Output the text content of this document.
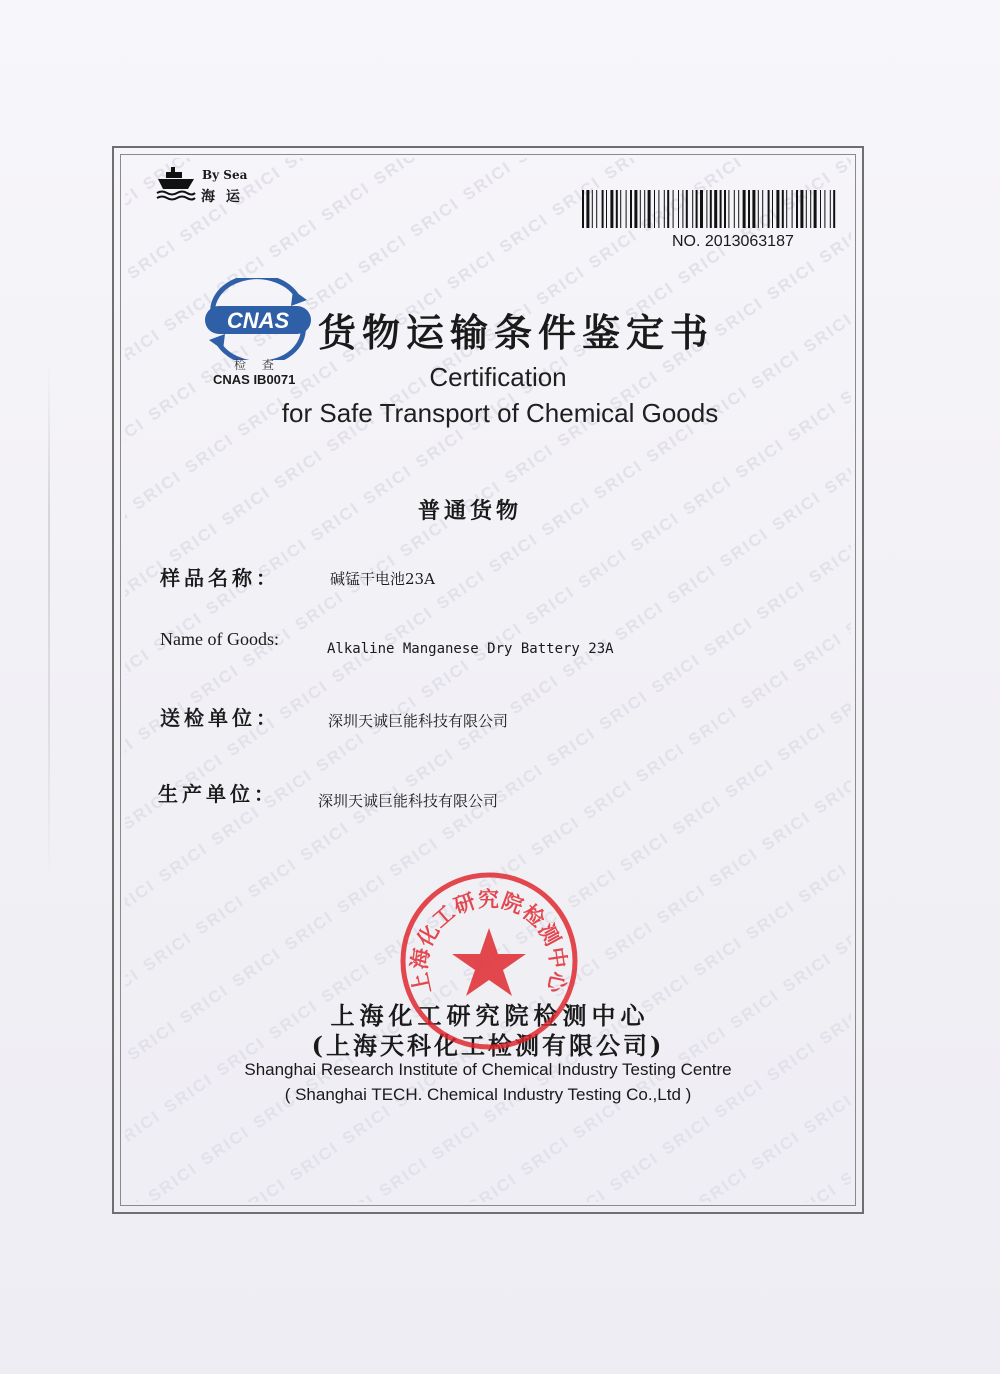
By Sea

海 运

NO. 2013063187

CNAS

检 查

CNAS IB0071

货物运输条件鉴定书

Certification

for Safe Transport of Chemical Goods

普通货物

样品名称：	碱锰干电池23A

Name of Goods:	Alkaline Manganese Dry Battery 23A

送检单位：	深圳天诚巨能科技有限公司

生产单位：	深圳天诚巨能科技有限公司

上海化工研究院检测中心

(上海天科化工检测有限公司)

Shanghai Research Institute of Chemical Industry Testing Centre

( Shanghai TECH. Chemical Industry Testing Co.,Ltd )

上海化工研究院检测中心
